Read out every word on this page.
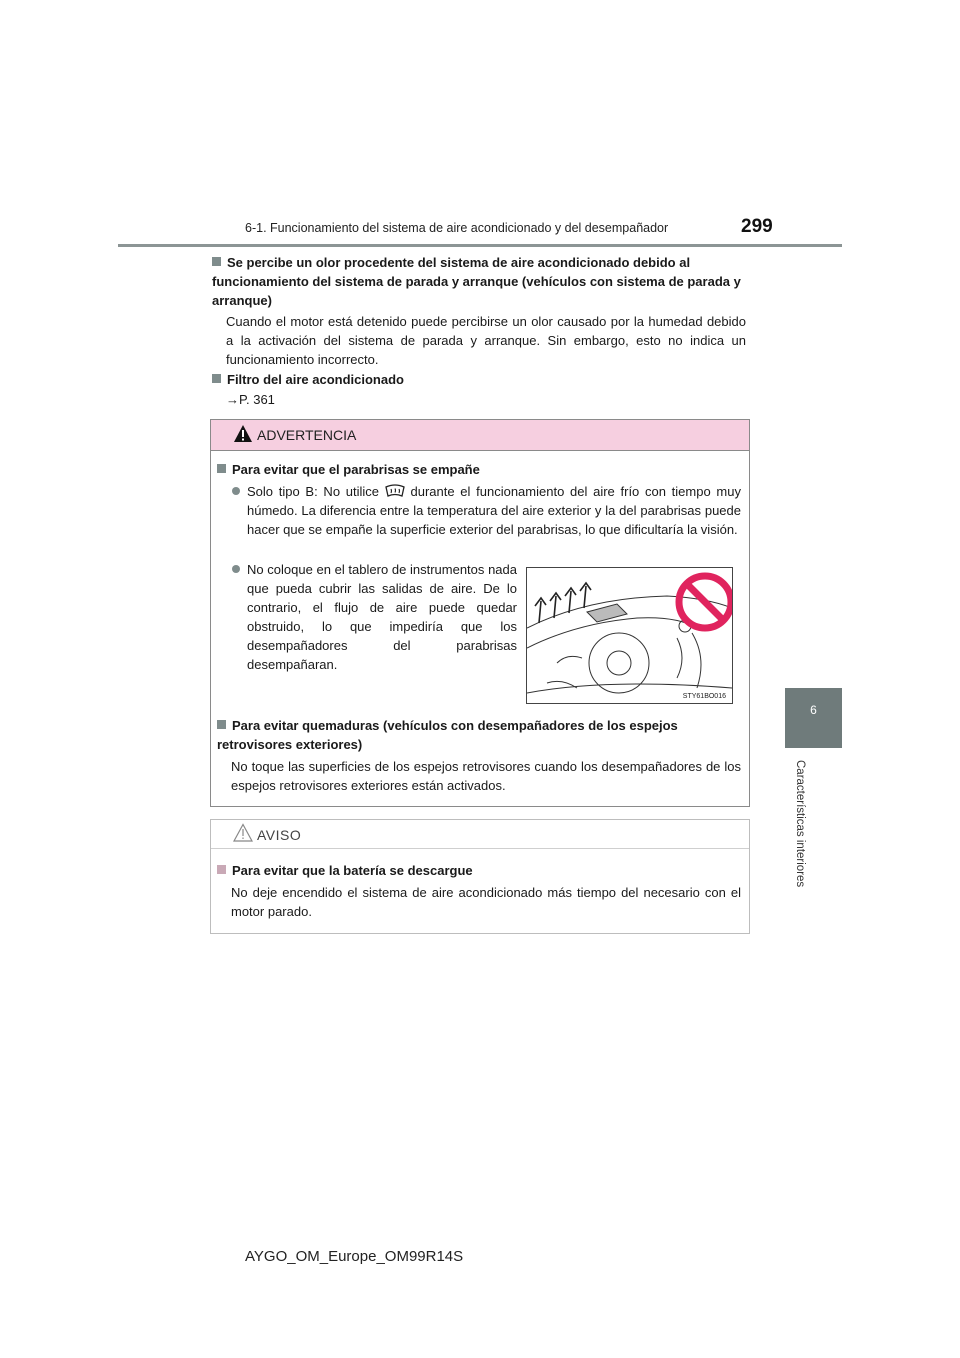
6-1. Funcionamiento del sistema de aire acondicionado y del desempañador	299
6
Características interiores
Se percibe un olor procedente del sistema de aire acondicionado debido al funcionamiento del sistema de parada y arranque (vehículos con sistema de parada y arranque)
Cuando el motor está detenido puede percibirse un olor causado por la humedad debido a la activación del sistema de parada y arranque. Sin embargo, esto no indica un funcionamiento incorrecto.
Filtro del aire acondicionado
→P. 361
ADVERTENCIA
Para evitar que el parabrisas se empañe
Solo tipo B: No utilice durante el funcionamiento del aire frío con tiempo muy húmedo. La diferencia entre la temperatura del aire exterior y la del parabrisas puede hacer que se empañe la superficie exterior del parabrisas, lo que dificultaría la visión.
No coloque en el tablero de instrumentos nada que pueda cubrir las salidas de aire. De lo contrario, el flujo de aire puede quedar obstruido, lo que impediría que los desempañadores del parabrisas desempañaran.
Para evitar quemaduras (vehículos con desempañadores de los espejos retrovisores exteriores)
No toque las superficies de los espejos retrovisores cuando los desempañadores de los espejos retrovisores exteriores están activados.
STY61BO016
AVISO
Para evitar que la batería se descargue
No deje encendido el sistema de aire acondicionado más tiempo del necesario con el motor parado.
AYGO_OM_Europe_OM99R14S
